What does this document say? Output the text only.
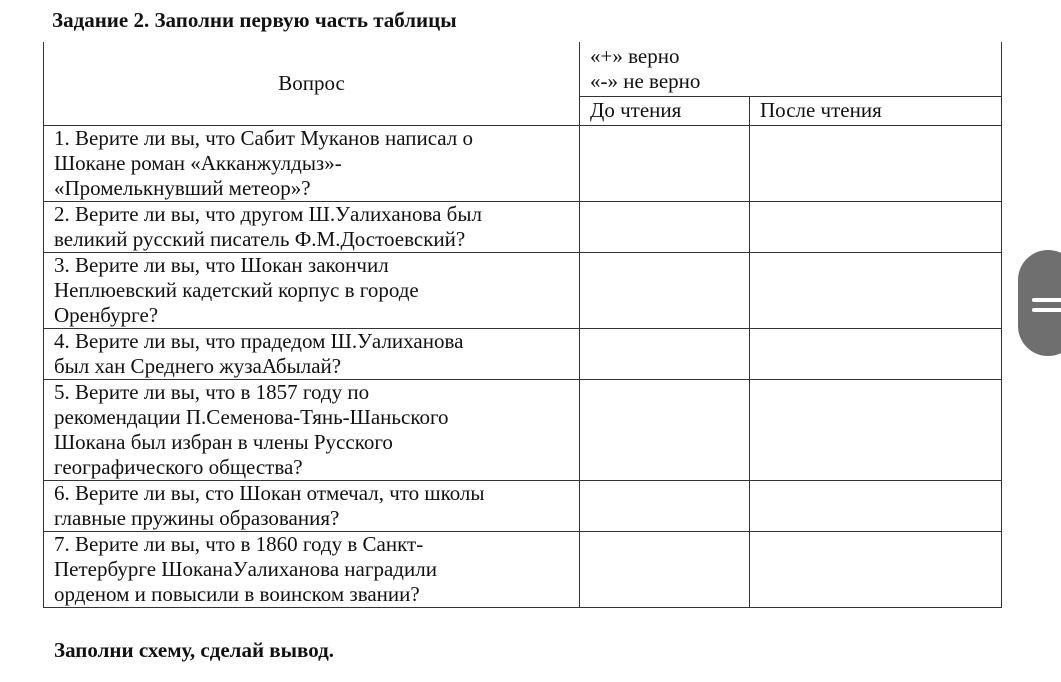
Задание 2. Заполни первую часть таблицы
Вопрос	«+» верно
«-» не верно	

	До чтения	После чтения

1. Верите ли вы, что Сабит Муканов написал о
Шокане роман «Акканжулдыз»-
«Промелькнувший метеор»?		

2. Верите ли вы, что другом Ш.Уалиханова был
великий русский писатель Ф.М.Достоевский?		

3. Верите ли вы, что Шокан закончил
Неплюевский кадетский корпус в городе
Оренбурге?		

4. Верите ли вы, что прадедом Ш.Уалиханова
был хан Среднего жузаАбылай?		

5. Верите ли вы, что в 1857 году по
рекомендации П.Семенова-Тянь-Шаньского
Шокана был избран в члены Русского
географического общества?		

6. Верите ли вы, сто Шокан отмечал, что школы
главные пружины образования?		

7. Верите ли вы, что в 1860 году в Санкт-
Петербурге ШоканаУалиханова наградили
орденом и повысили в воинском звании?		

Заполни схему, сделай вывод.
